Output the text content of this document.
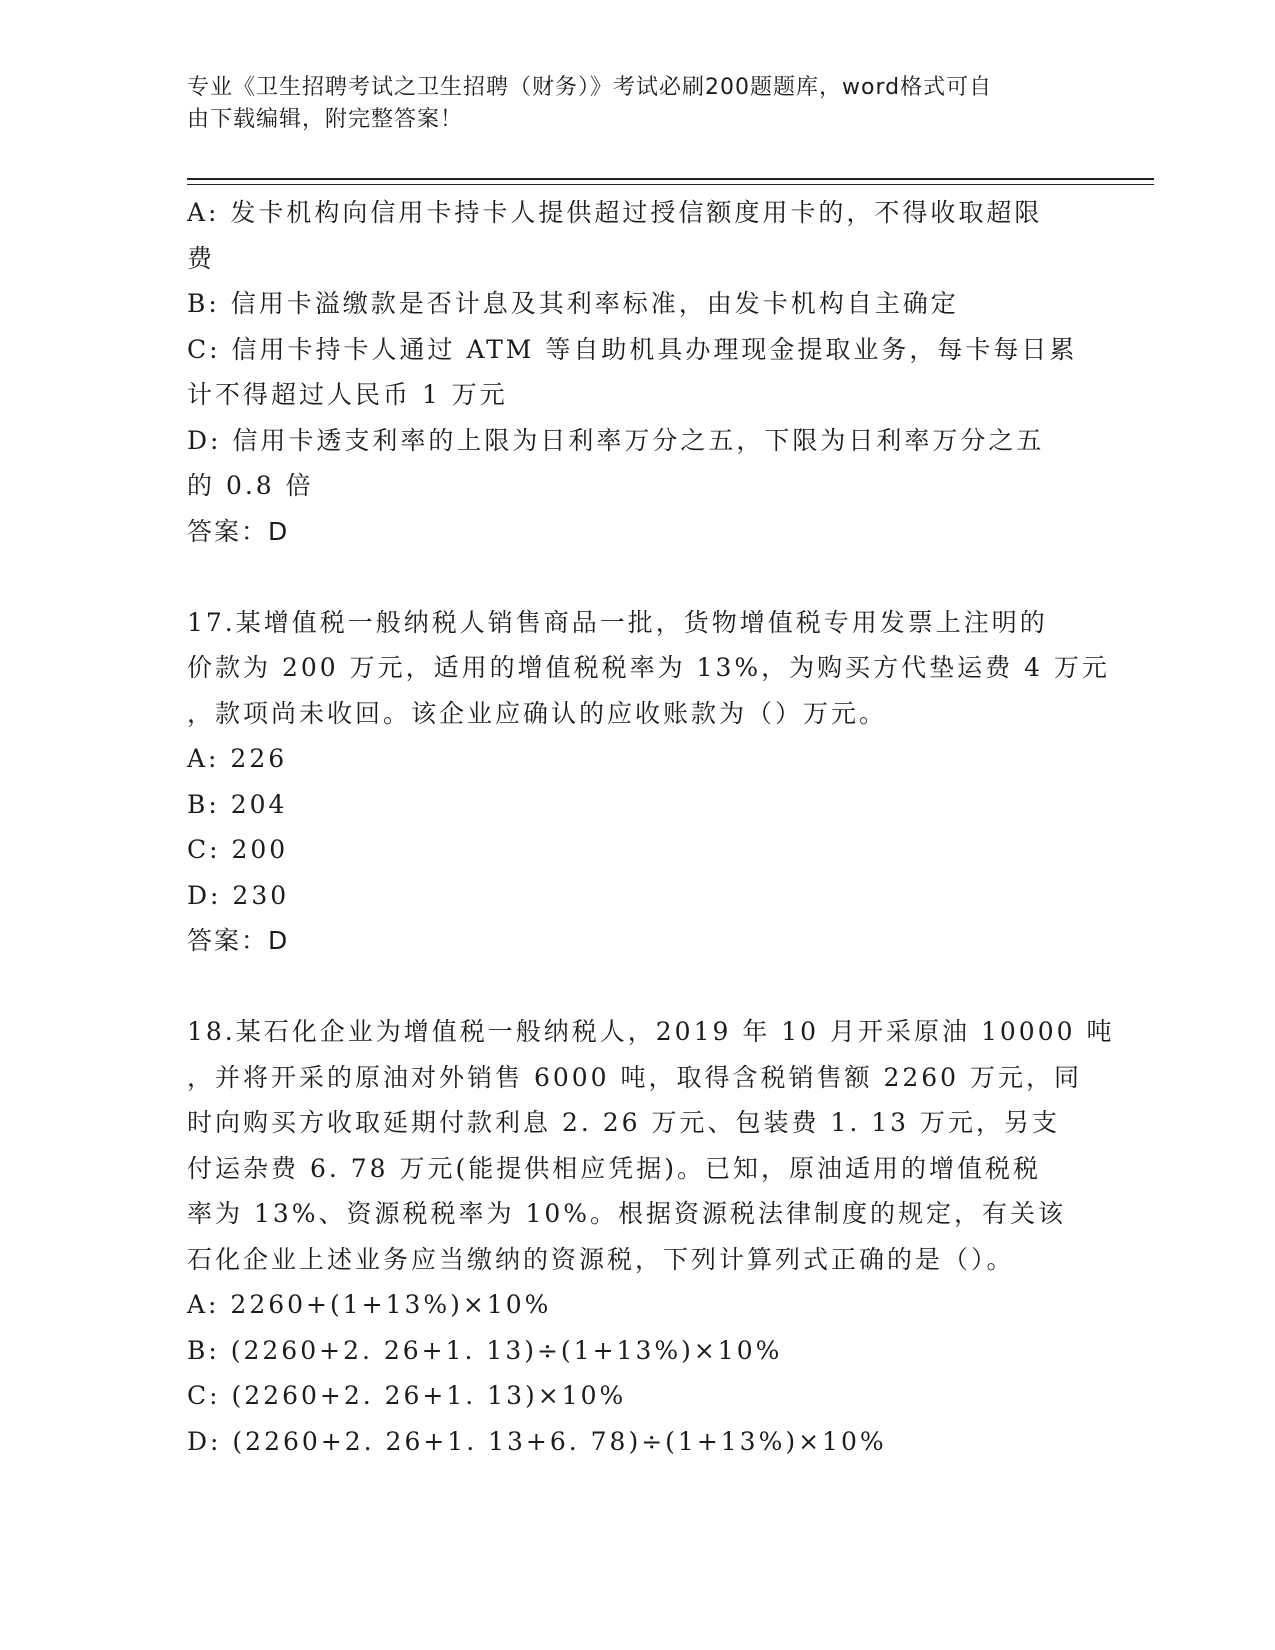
专业《卫生招聘考试之卫生招聘（财务）》考试必刷200题题库，word格式可自
由下载编辑，附完整答案！
A: 发卡机构向信用卡持卡人提供超过授信额度用卡的，不得收取超限
费
B: 信用卡溢缴款是否计息及其利率标准，由发卡机构自主确定
C: 信用卡持卡人通过 ATM 等自助机具办理现金提取业务，每卡每日累
计不得超过人民币 1 万元
D: 信用卡透支利率的上限为日利率万分之五，下限为日利率万分之五
的 0.8 倍
答案：D
17.某增值税一般纳税人销售商品一批，货物增值税专用发票上注明的
价款为 200 万元，适用的增值税税率为 13%，为购买方代垫运费 4 万元
，款项尚未收回。该企业应确认的应收账款为（）万元。
A: 226
B: 204
C: 200
D: 230
答案：D
18.某石化企业为增值税一般纳税人，2019 年 10 月开采原油 10000 吨
，并将开采的原油对外销售 6000 吨，取得含税销售额 2260 万元，同
时向购买方收取延期付款利息 2. 26 万元、包装费 1. 13 万元，另支
付运杂费 6. 78 万元(能提供相应凭据)。已知，原油适用的增值税税
率为 13%、资源税税率为 10%。根据资源税法律制度的规定，有关该
石化企业上述业务应当缴纳的资源税，下列计算列式正确的是（）。
A: 2260+(1+13%)×10%
B: (2260+2. 26+1. 13)÷(1+13%)×10%
C: (2260+2. 26+1. 13)×10%
D: (2260+2. 26+1. 13+6. 78)÷(1+13%)×10%
